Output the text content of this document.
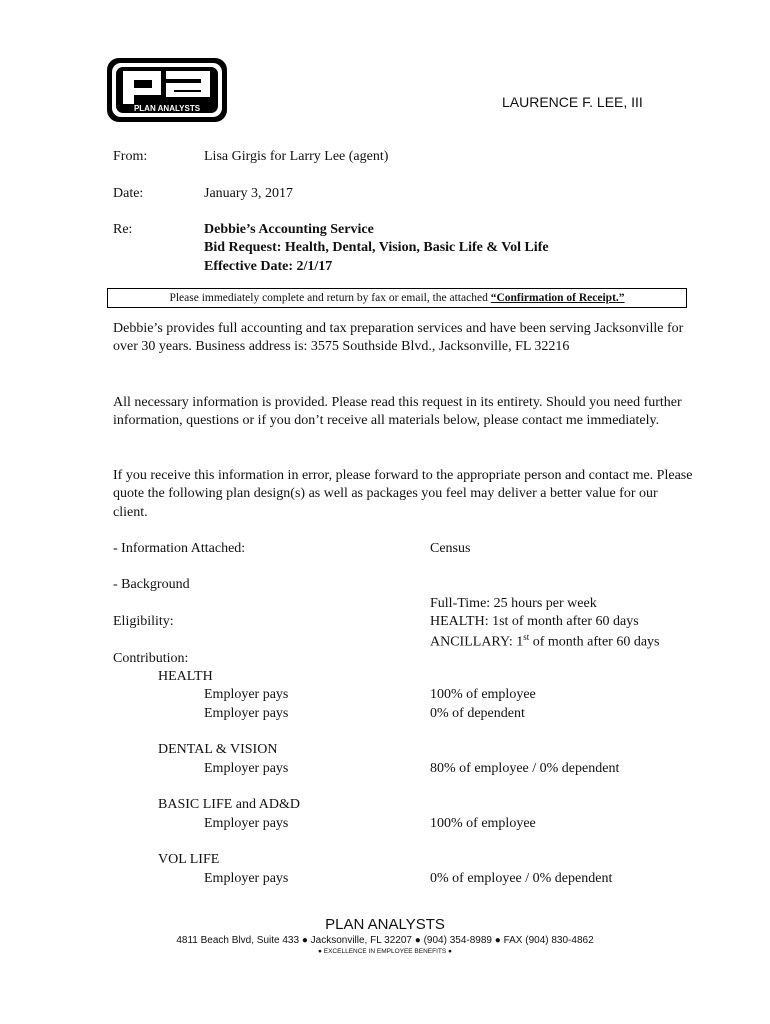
PLAN ANALYSTS	LAURENCE F. LEE, III
From:	Lisa Girgis for Larry Lee (agent)
Date:	January 3, 2017
Re:	Debbie’s Accounting Service
Bid Request: Health, Dental, Vision, Basic Life & Vol Life
Effective Date: 2/1/17
Please immediately complete and return by fax or email, the attached “Confirmation of Receipt.”
Debbie’s provides full accounting and tax preparation services and have been serving Jacksonville for over 30 years. Business address is: 3575 Southside Blvd., Jacksonville, FL 32216
All necessary information is provided. Please read this request in its entirety. Should you need further information, questions or if you don’t receive all materials below, please contact me immediately.
If you receive this information in error, please forward to the appropriate person and contact me. Please quote the following plan design(s) as well as packages you feel may deliver a better value for our client.
- Information Attached:	Census
- Background
Full-Time: 25 hours per week
Eligibility:	HEALTH: 1st of month after 60 days
ANCILLARY: 1st of month after 60 days
Contribution:
HEALTH
Employer pays	100% of employee
Employer pays	0% of dependent
DENTAL & VISION
Employer pays	80% of employee / 0% dependent
BASIC LIFE and AD&D
Employer pays	100% of employee
VOL LIFE
Employer pays	0% of employee / 0% dependent
PLAN ANALYSTS
4811 Beach Blvd, Suite 433 ● Jacksonville, FL 32207 ● (904) 354-8989 ● FAX (904) 830-4862
● EXCELLENCE IN EMPLOYEE BENEFITS ●
